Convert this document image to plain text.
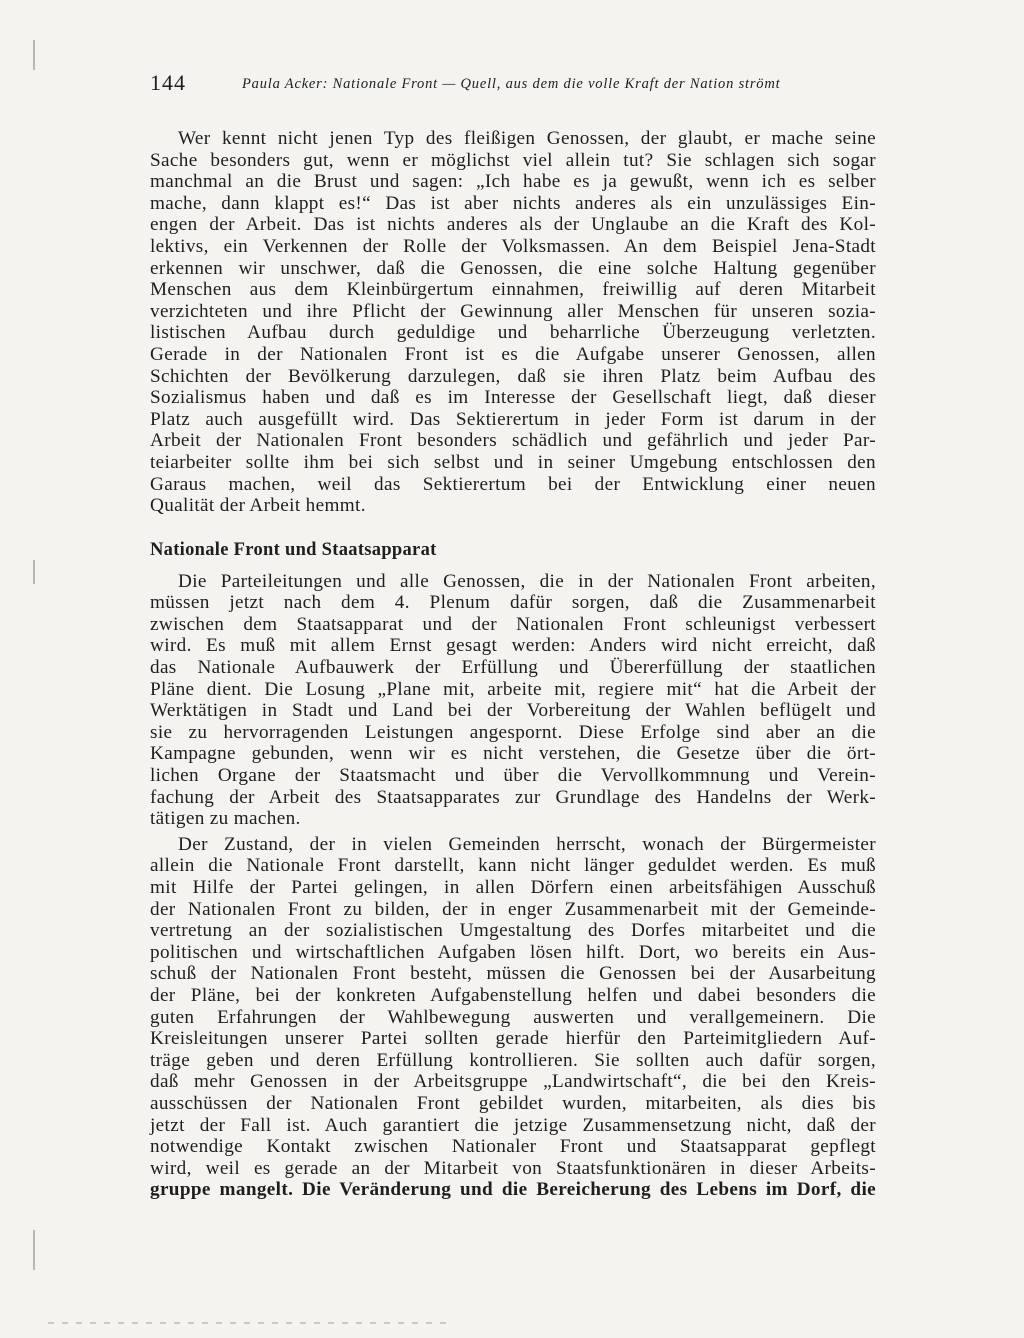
144	Paula Acker: Nationale Front — Quell, aus dem die volle Kraft der Nation strömt

Wer kennt nicht jenen Typ des fleißigen Genossen, der glaubt, er mache seine
Sache besonders gut, wenn er möglichst viel allein tut? Sie schlagen sich sogar
manchmal an die Brust und sagen: „Ich habe es ja gewußt, wenn ich es selber
mache, dann klappt es!“ Das ist aber nichts anderes als ein unzulässiges Ein-
engen der Arbeit. Das ist nichts anderes als der Unglaube an die Kraft des Kol-
lektivs, ein Verkennen der Rolle der Volksmassen. An dem Beispiel Jena-Stadt
erkennen wir unschwer, daß die Genossen, die eine solche Haltung gegenüber
Menschen aus dem Kleinbürgertum einnahmen, freiwillig auf deren Mitarbeit
verzichteten und ihre Pflicht der Gewinnung aller Menschen für unseren sozia-
listischen Aufbau durch geduldige und beharrliche Überzeugung verletzten.
Gerade in der Nationalen Front ist es die Aufgabe unserer Genossen, allen
Schichten der Bevölkerung darzulegen, daß sie ihren Platz beim Aufbau des
Sozialismus haben und daß es im Interesse der Gesellschaft liegt, daß dieser
Platz auch ausgefüllt wird. Das Sektierertum in jeder Form ist darum in der
Arbeit der Nationalen Front besonders schädlich und gefährlich und jeder Par-
teiarbeiter sollte ihm bei sich selbst und in seiner Umgebung entschlossen den
Garaus machen, weil das Sektierertum bei der Entwicklung einer neuen
Qualität der Arbeit hemmt.

Nationale Front und Staatsapparat

Die Parteileitungen und alle Genossen, die in der Nationalen Front arbeiten,
müssen jetzt nach dem 4. Plenum dafür sorgen, daß die Zusammenarbeit
zwischen dem Staatsapparat und der Nationalen Front schleunigst verbessert
wird. Es muß mit allem Ernst gesagt werden: Anders wird nicht erreicht, daß
das Nationale Aufbauwerk der Erfüllung und Übererfüllung der staatlichen
Pläne dient. Die Losung „Plane mit, arbeite mit, regiere mit“ hat die Arbeit der
Werktätigen in Stadt und Land bei der Vorbereitung der Wahlen beflügelt und
sie zu hervorragenden Leistungen angespornt. Diese Erfolge sind aber an die
Kampagne gebunden, wenn wir es nicht verstehen, die Gesetze über die ört-
lichen Organe der Staatsmacht und über die Vervollkommnung und Verein-
fachung der Arbeit des Staatsapparates zur Grundlage des Handelns der Werk-
tätigen zu machen.

Der Zustand, der in vielen Gemeinden herrscht, wonach der Bürgermeister
allein die Nationale Front darstellt, kann nicht länger geduldet werden. Es muß
mit Hilfe der Partei gelingen, in allen Dörfern einen arbeitsfähigen Ausschuß
der Nationalen Front zu bilden, der in enger Zusammenarbeit mit der Gemeinde-
vertretung an der sozialistischen Umgestaltung des Dorfes mitarbeitet und die
politischen und wirtschaftlichen Aufgaben lösen hilft. Dort, wo bereits ein Aus-
schuß der Nationalen Front besteht, müssen die Genossen bei der Ausarbeitung
der Pläne, bei der konkreten Aufgabenstellung helfen und dabei besonders die
guten Erfahrungen der Wahlbewegung auswerten und verallgemeinern. Die
Kreisleitungen unserer Partei sollten gerade hierfür den Parteimitgliedern Auf-
träge geben und deren Erfüllung kontrollieren. Sie sollten auch dafür sorgen,
daß mehr Genossen in der Arbeitsgruppe „Landwirtschaft“, die bei den Kreis-
ausschüssen der Nationalen Front gebildet wurden, mitarbeiten, als dies bis
jetzt der Fall ist. Auch garantiert die jetzige Zusammensetzung nicht, daß der
notwendige Kontakt zwischen Nationaler Front und Staatsapparat gepflegt
wird, weil es gerade an der Mitarbeit von Staatsfunktionären in dieser Arbeits-
gruppe mangelt. Die Veränderung und die Bereicherung des Lebens im Dorf, die
